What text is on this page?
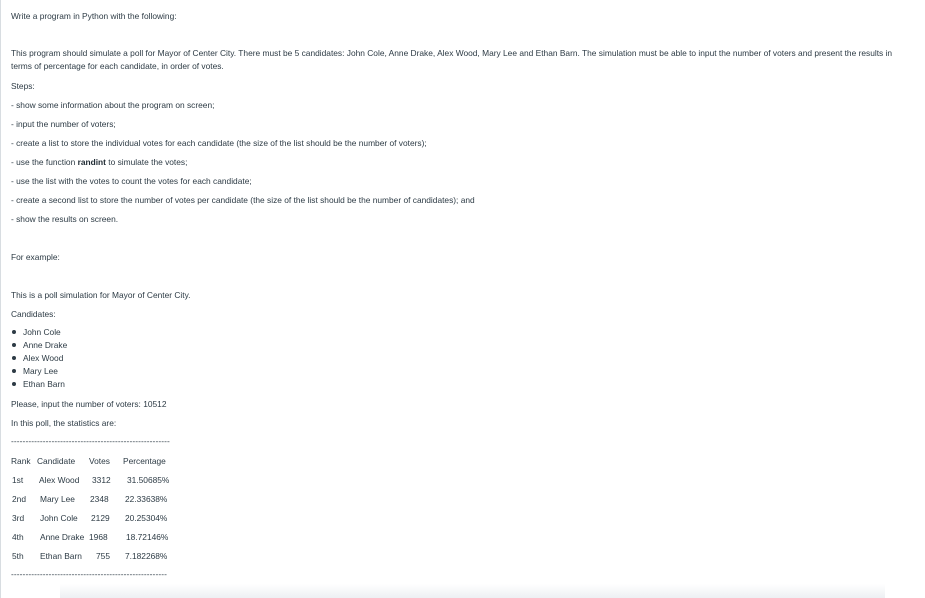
Write a program in Python with the following:
This program should simulate a poll for Mayor of Center City. There must be 5 candidates: John Cole, Anne Drake, Alex Wood, Mary Lee and Ethan Barn. The simulation must be able to input the number of voters and present the results in terms of percentage for each candidate, in order of votes.
Steps:
- show some information about the program on screen;
- input the number of voters;
- create a list to store the individual votes for each candidate (the size of the list should be the number of voters);
- use the function randint to simulate the votes;
- use the list with the votes to count the votes for each candidate;
- create a second list to store the number of votes per candidate (the size of the list should be the number of candidates); and
- show the results on screen.
For example:
This is a poll simulation for Mayor of Center City.
Candidates:
John Cole
Anne Drake
Alex Wood
Mary Lee
Ethan Barn
Please, input the number of voters: 10512
In this poll, the statistics are:
-------------------------------------------------------
Rank Candidate Votes Percentage
1st Alex Wood 3312 31.50685%
2nd Mary Lee 2348 22.33638%
3rd John Cole 2129 20.25304%
4th Anne Drake 1968 18.72146%
5th Ethan Barn 755 7.182268%
------------------------------------------------------
